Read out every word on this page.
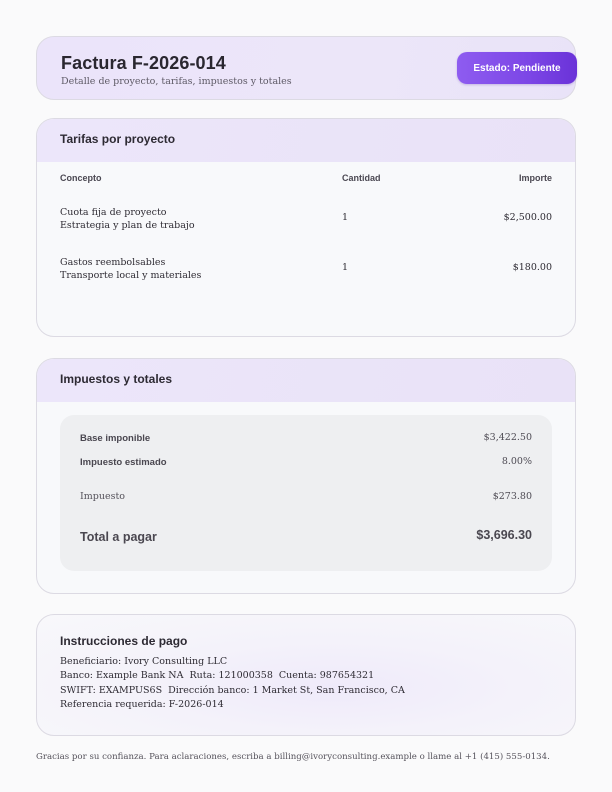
Factura F-2026-014
Detalle de proyecto, tarifas, impuestos y totales
Estado: Pendiente
Tarifas por proyecto
Concepto	Cantidad	Importe
Cuota fija de proyecto
Estrategia y plan de trabajo
1	$2,500.00
Gastos reembolsables
Transporte local y materiales
1	$180.00
Impuestos y totales
Base imponible	$3,422.50
Impuesto estimado	8.00%
Impuesto	$273.80
Total a pagar	$3,696.30
Instrucciones de pago
Beneficiario: Ivory Consulting LLC
Banco: Example Bank NA  Ruta: 121000358  Cuenta: 987654321
SWIFT: EXAMPUS6S  Dirección banco: 1 Market St, San Francisco, CA
Referencia requerida: F-2026-014
Gracias por su confianza. Para aclaraciones, escriba a billing@ivoryconsulting.example o llame al +1 (415) 555-0134.
